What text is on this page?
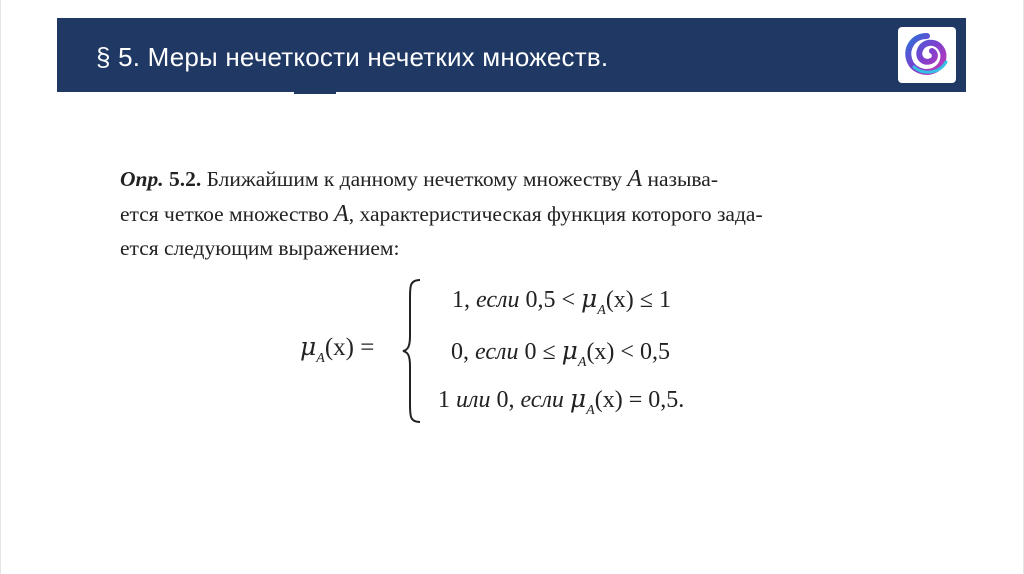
§ 5. Меры нечеткости нечетких множеств.
Опр. 5.2. Ближайшим к данному нечеткому множеству A называ-
ется четкое множество A, характеристическая функция которого зада-
ется следующим выражением:
$\mu_A(x)$ =
1, если $0,5 < \mu_A(x) \le 1$
0, если $0 \le \mu_A(x) < 0,5$
1 или 0, если $\mu_A(x) = 0,5$.
